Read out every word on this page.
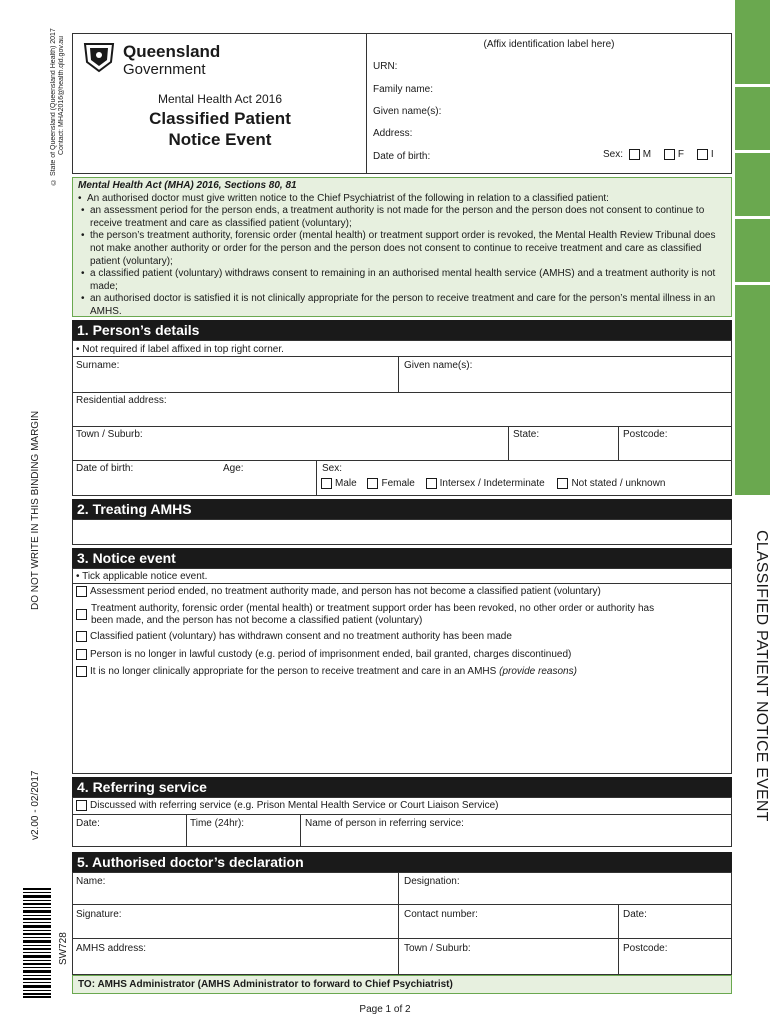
CLASSIFIED PATIENT NOTICE EVENT
© State of Queensland (Queensland Health) 2017 Contact: MHA2016@health.qld.gov.au
DO NOT WRITE IN THIS BINDING MARGIN
v2.00 - 02/2017
SW728
Queensland
Government
Mental Health Act 2016
Classified Patient
Notice Event
(Affix identification label here)
URN:
Family name:
Given name(s):
Address:
Date of birth:	Sex: M	F	I
Mental Health Act (MHA) 2016, Sections 80, 81
• An authorised doctor must give written notice to the Chief Psychiatrist of the following in relation to a classified patient:
• an assessment period for the person ends, a treatment authority is not made for the person and the person does not consent to continue to receive treatment and care as classified patient (voluntary);
• the person’s treatment authority, forensic order (mental health) or treatment support order is revoked, the Mental Health Review Tribunal does not make another authority or order for the person and the person does not consent to continue to receive treatment and care as classified patient (voluntary);
• a classified patient (voluntary) withdraws consent to remaining in an authorised mental health service (AMHS) and a treatment authority is not made;
• an authorised doctor is satisfied it is not clinically appropriate for the person to receive treatment and care for the person’s mental illness in an AMHS.
1. Person’s details
• Not required if label affixed in top right corner.
Surname:	Given name(s):
Residential address:
Town / Suburb:	State:	Postcode:
Date of birth:	Age:	Sex:
Male Female Intersex / Indeterminate	Not stated / unknown
2. Treating AMHS
3. Notice event
• Tick applicable notice event.
Assessment period ended, no treatment authority made, and person has not become a classified patient (voluntary)
Treatment authority, forensic order (mental health) or treatment support order has been revoked, no other order or authority has
been made, and the person has not become a classified patient (voluntary)
Classified patient (voluntary) has withdrawn consent and no treatment authority has been made
Person is no longer in lawful custody (e.g. period of imprisonment ended, bail granted, charges discontinued)
It is no longer clinically appropriate for the person to receive treatment and care in an AMHS (provide reasons)
4. Referring service
Discussed with referring service (e.g. Prison Mental Health Service or Court Liaison Service)
Date:	Time (24hr):	Name of person in referring service:
5. Authorised doctor’s declaration
Name:	Designation:
Signature:	Contact number:	Date:
AMHS address:	Town / Suburb:	Postcode:
TO: AMHS Administrator (AMHS Administrator to forward to Chief Psychiatrist)
Page 1 of 2
